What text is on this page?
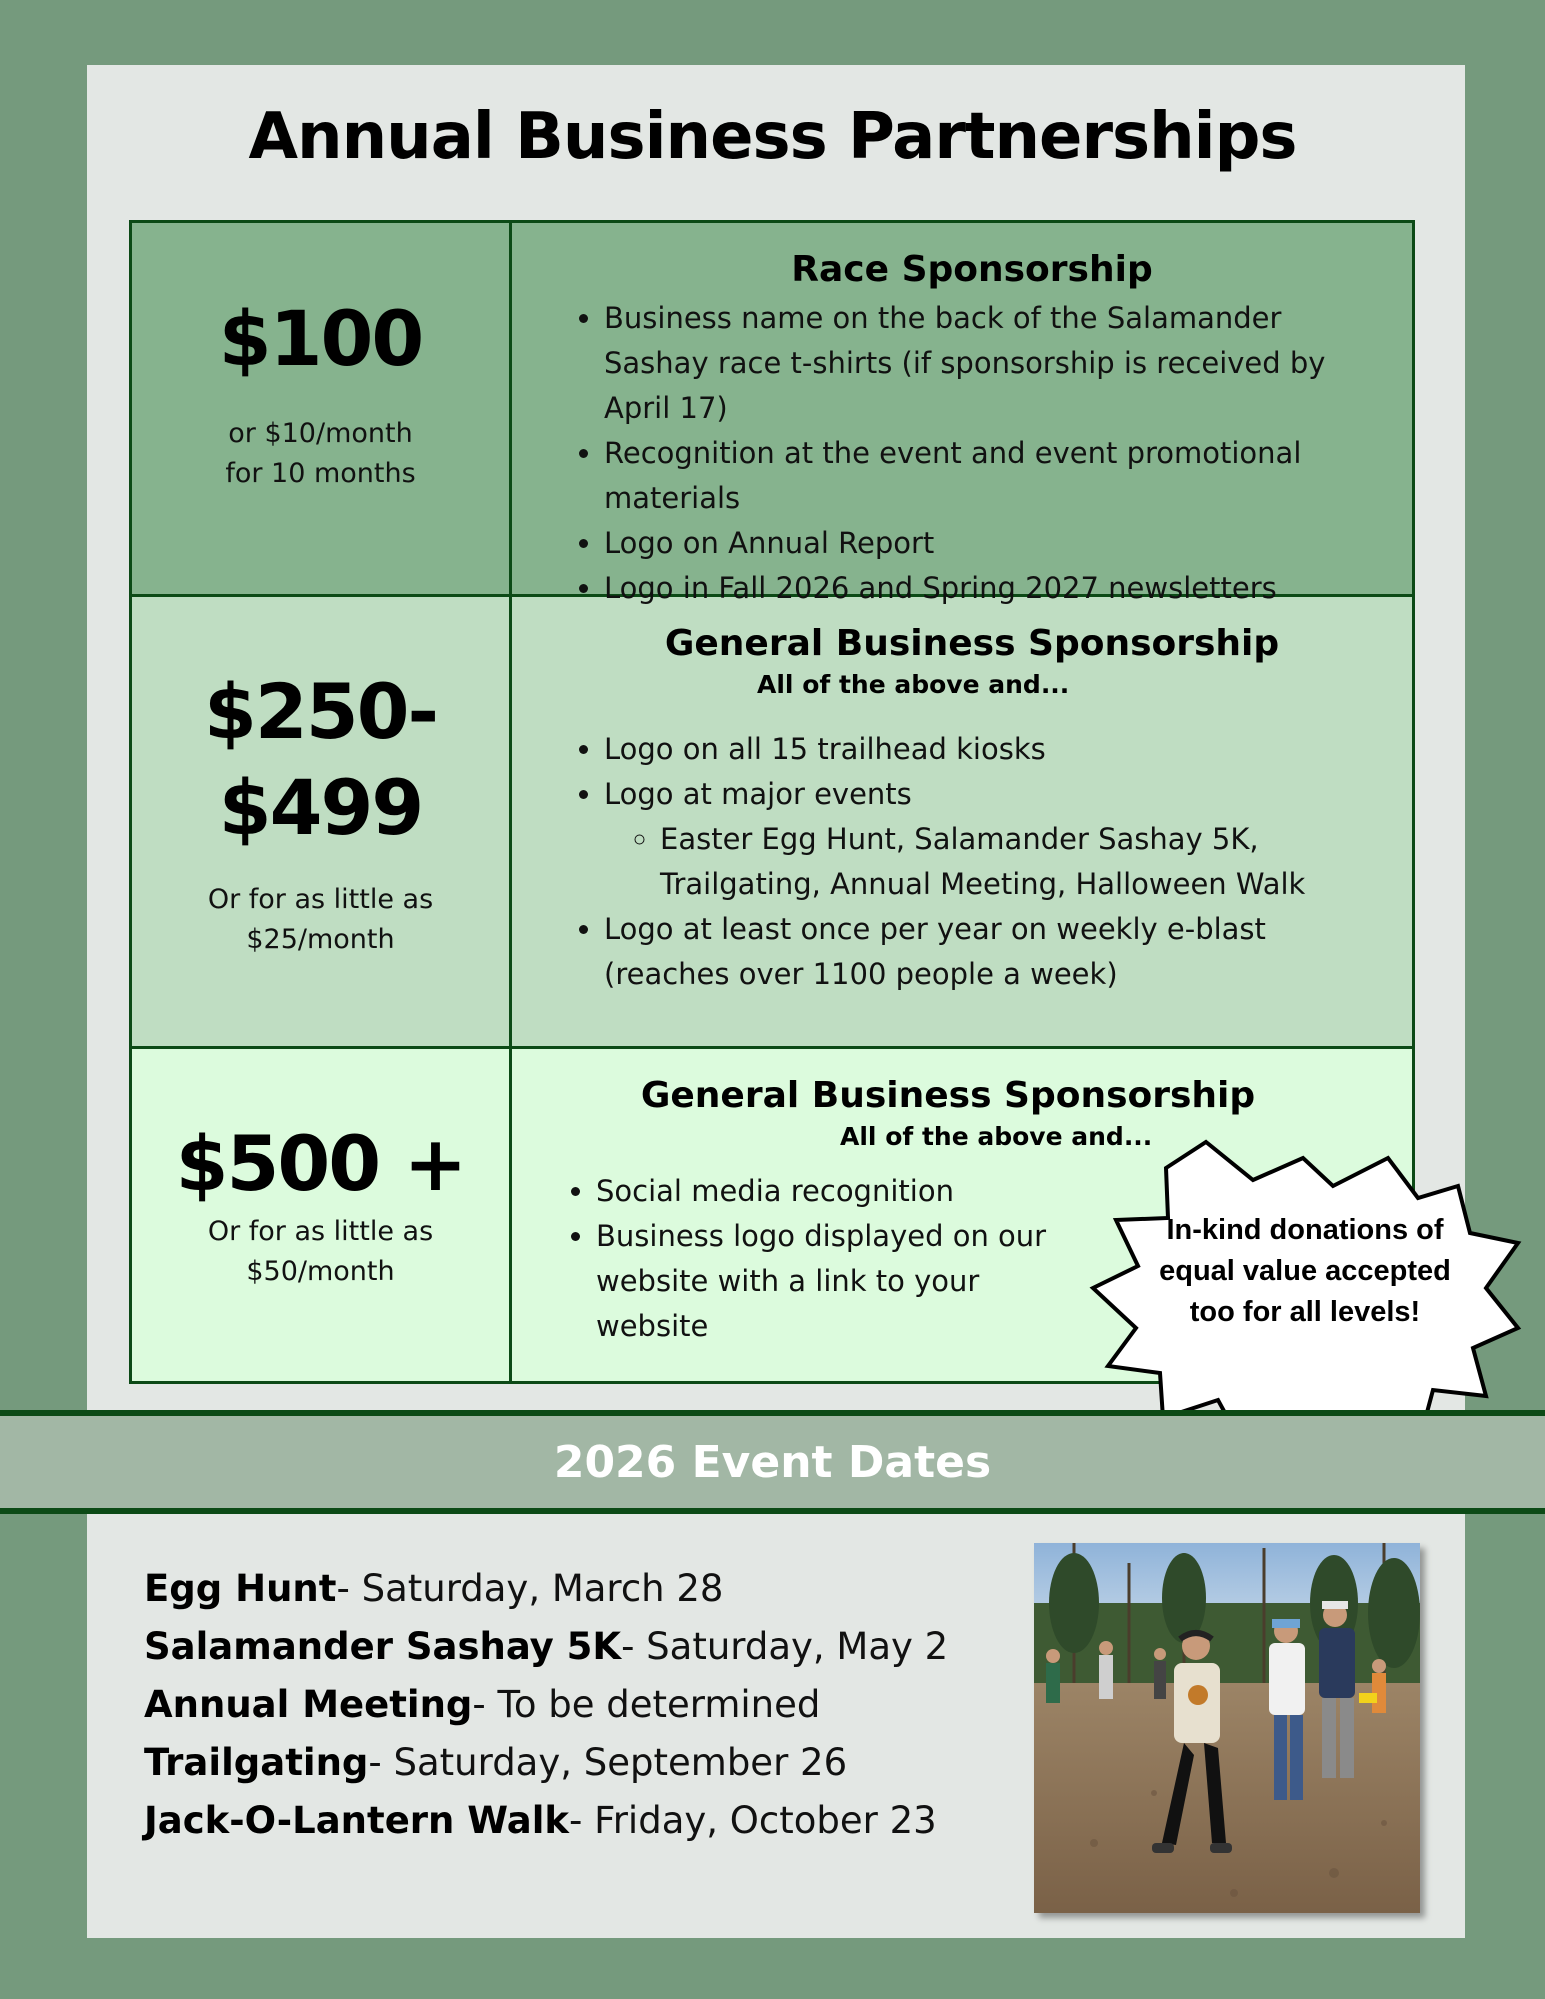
Annual Business Partnerships
$100
or $10/month
for 10 months
Race Sponsorship
• Business name on the back of the Salamander Sashay race t-shirts (if sponsorship is received by April 17)
• Recognition at the event and event promotional materials
• Logo on Annual Report
• Logo in Fall 2026 and Spring 2027 newsletters
$250-
$499
Or for as little as
$25/month
General Business Sponsorship
All of the above and...
• Logo on all 15 trailhead kiosks
• Logo at major events
◦ Easter Egg Hunt, Salamander Sashay 5K, Trailgating, Annual Meeting, Halloween Walk
• Logo at least once per year on weekly e-blast (reaches over 1100 people a week)
$500 +
Or for as little as
$50/month
General Business Sponsorship
All of the above and...
• Social media recognition
• Business logo displayed on our website with a link to your website
In-kind donations of equal value accepted too for all levels!
2026 Event Dates
Egg Hunt- Saturday, March 28
Salamander Sashay 5K- Saturday, May 2
Annual Meeting- To be determined
Trailgating- Saturday, September 26
Jack-O-Lantern Walk- Friday, October 23
